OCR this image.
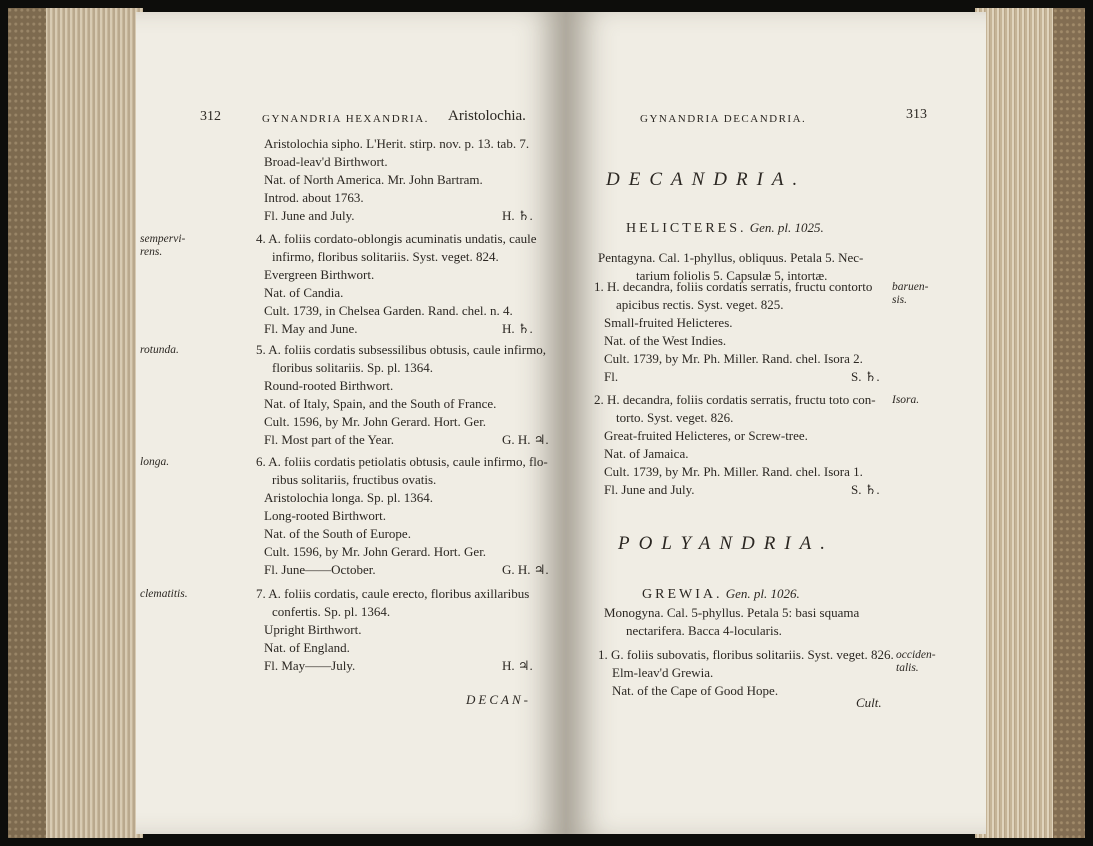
312	GYNANDRIA HEXANDRIA. Aristolochia.
Aristolochia sipho. L'Herit. stirp. nov. p. 13. tab. 7.
Broad-leav'd Birthwort.
Nat. of North America. Mr. John Bartram.
Introd. about 1763.
Fl. June and July.	H. ♄.
sempervi-
rens.
4. A. foliis cordato-oblongis acuminatis undatis, caule
infirmo, floribus solitariis. Syst. veget. 824.
Evergreen Birthwort.
Nat. of Candia.
Cult. 1739, in Chelsea Garden. Rand. chel. n. 4.
Fl. May and June.	H. ♄.
rotunda.	5. A. foliis cordatis subsessilibus obtusis, caule infirmo,
floribus solitariis. Sp. pl. 1364.
Round-rooted Birthwort.
Nat. of Italy, Spain, and the South of France.
Cult. 1596, by Mr. John Gerard. Hort. Ger.
Fl. Most part of the Year.	G. H. ♃.
longa.	6. A. foliis cordatis petiolatis obtusis, caule infirmo, flo-
ribus solitariis, fructibus ovatis.
Aristolochia longa. Sp. pl. 1364.
Long-rooted Birthwort.
Nat. of the South of Europe.
Cult. 1596, by Mr. John Gerard. Hort. Ger.
Fl. June——October.	G. H. ♃.
clematitis.	7. A. foliis cordatis, caule erecto, floribus axillaribus
confertis. Sp. pl. 1364.
Upright Birthwort.
Nat. of England.
Fl. May——July.	H. ♃.
DECAN-
GYNANDRIA DECANDRIA.	313
DECANDRIA.
HELICTERES. Gen. pl. 1025.
Pentagyna. Cal. 1-phyllus, obliquus. Petala 5. Nec-
tarium foliolis 5. Capsulæ 5, intortæ.
baruen-
sis.
1. H. decandra, foliis cordatis serratis, fructu contorto
apicibus rectis. Syst. veget. 825.
Small-fruited Helicteres.
Nat. of the West Indies.
Cult. 1739, by Mr. Ph. Miller. Rand. chel. Isora 2.
Fl.	S. ♄.
Isora.
2. H. decandra, foliis cordatis serratis, fructu toto con-
torto. Syst. veget. 826.
Great-fruited Helicteres, or Screw-tree.
Nat. of Jamaica.
Cult. 1739, by Mr. Ph. Miller. Rand. chel. Isora 1.
Fl. June and July.	S. ♄.
POLYANDRIA.
GREWIA. Gen. pl. 1026.
Monogyna. Cal. 5-phyllus. Petala 5: basi squama
nectarifera. Bacca 4-locularis.
occiden-
talis.
1. G. foliis subovatis, floribus solitariis. Syst. veget. 826.
Elm-leav'd Grewia.
Nat. of the Cape of Good Hope.
Cult.
